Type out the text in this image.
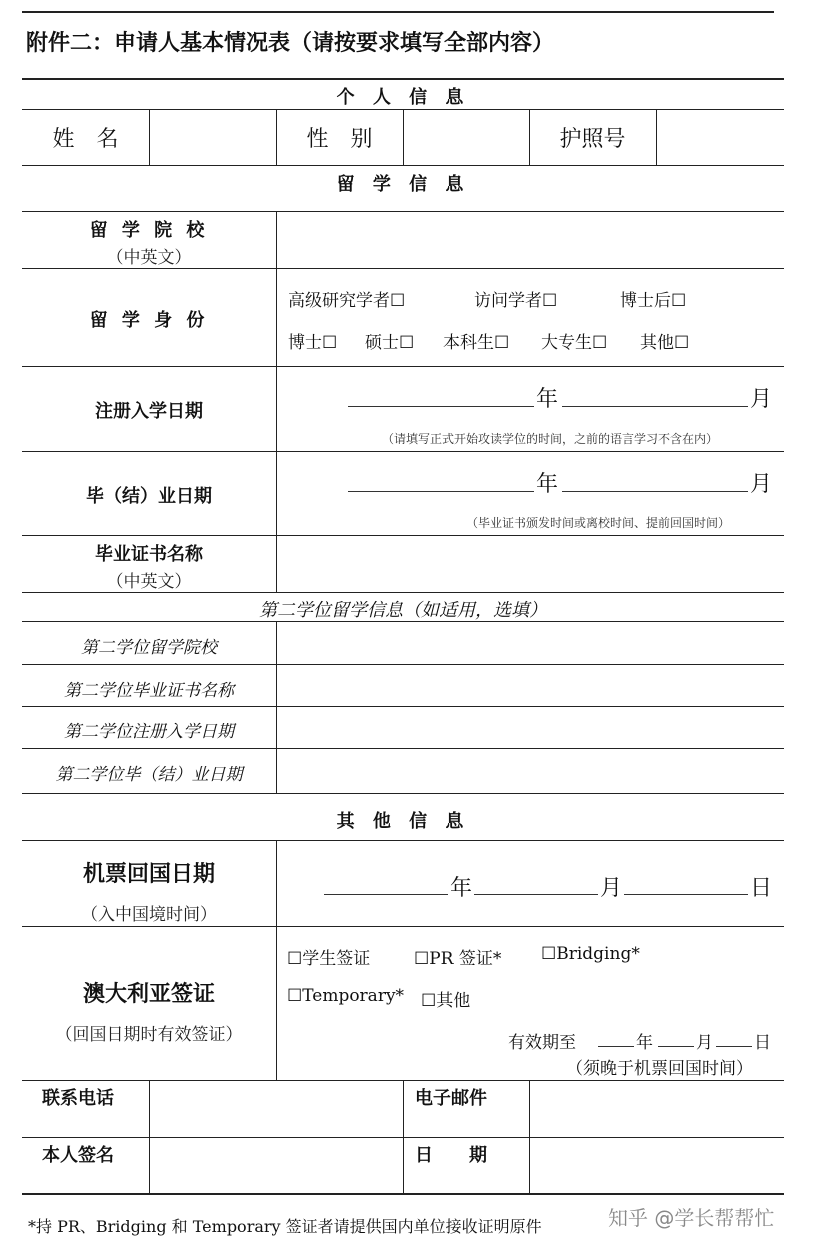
附件二：申请人基本情况表（请按要求填写全部内容）
个 人 信 息
姓　名	性　别	护照号
留 学 信 息
留 学 院 校
（中英文）
留 学 身 份
高级研究学者☐	访问学者☐	博士后☐
博士☐ 硕士☐ 本科生☐ 大专生☐ 其他☐
注册入学日期	年	月
（请填写正式开始攻读学位的时间，之前的语言学习不含在内）
毕（结）业日期	年	月
（毕业证书颁发时间或离校时间、提前回国时间）
毕业证书名称
（中英文）
第二学位留学信息（如适用，选填）
第二学位留学院校
第二学位毕业证书名称
第二学位注册入学日期
第二学位毕（结）业日期
其 他 信 息
机票回国日期
（入中国境时间）
年	月	日
澳大利亚签证
（回国日期时有效签证）
☐学生签证	☐PR 签证* ☐Bridging*
☐Temporary* ☐其他
有效期至	年	月 日
（须晚于机票回国时间）
联系电话	电子邮件
本人签名	日　　期
*持 PR、Bridging 和 Temporary 签证者请提供国内单位接收证明原件	知乎 @学长帮帮忙
